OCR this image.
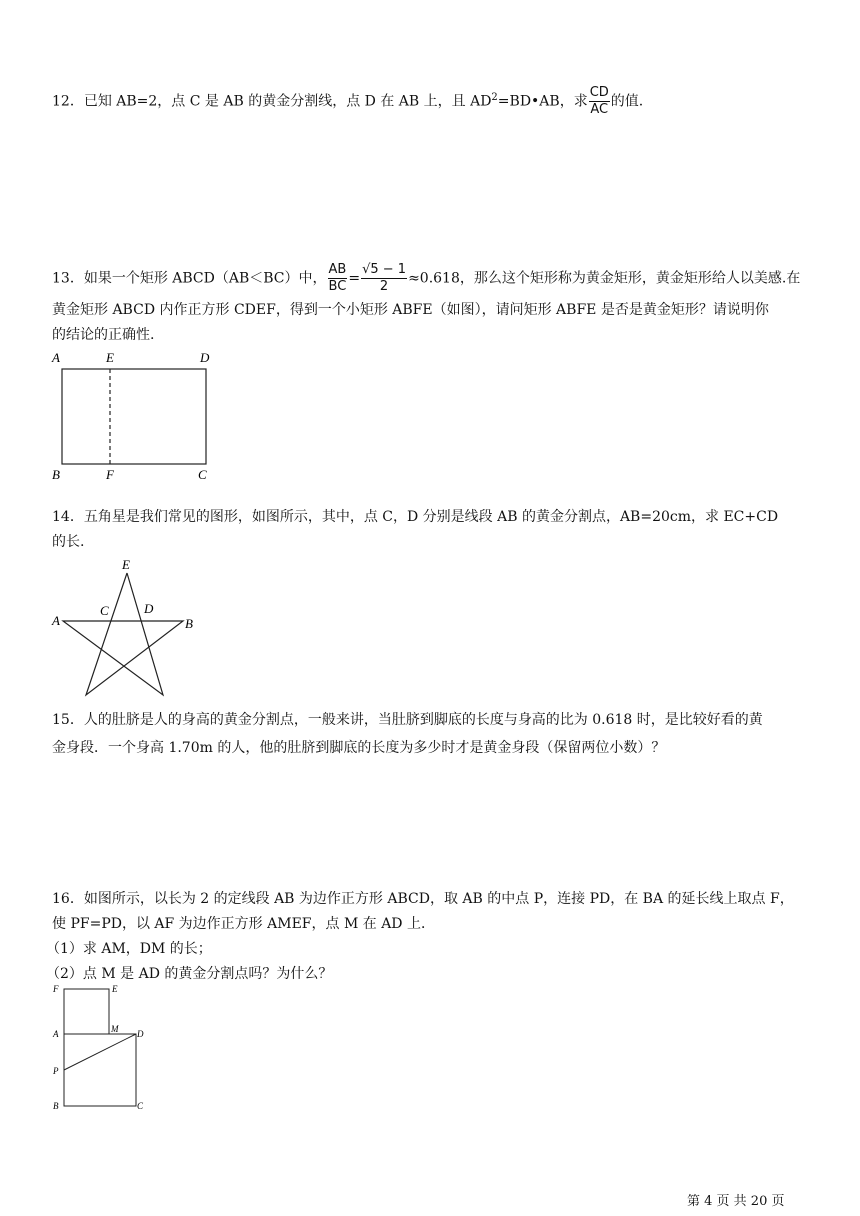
12．已知 AB=2，点 C 是 AB 的黄金分割线，点 D 在 AB 上，且 $AD^2=BD•AB$，求 $\frac{CD}{AC}$ 的值.
13．如果一个矩形 ABCD（AB＜BC）中， $\frac{AB}{BC} = \frac{√5 - 1}{2} \approx 0.618$，那么这个矩形称为黄金矩形，黄金矩形给人以美感.在
黄金矩形 ABCD 内作正方形 CDEF，得到一个小矩形 ABFE（如图），请问矩形 ABFE 是否是黄金矩形？请说明你
的结论的正确性.
A	E	D
B	F	C
14．五角星是我们常见的图形，如图所示，其中，点 C，D 分别是线段 AB 的黄金分割点，AB=20cm，求 EC+CD
的长.
E
C	D
A	B
15．人的肚脐是人的身高的黄金分割点，一般来讲，当肚脐到脚底的长度与身高的比为 0.618 时，是比较好看的黄
金身段．一个身高 1.70m 的人，他的肚脐到脚底的长度为多少时才是黄金身段（保留两位小数）？
16．如图所示，以长为 2 的定线段 AB 为边作正方形 ABCD，取 AB 的中点 P，连接 PD，在 BA 的延长线上取点 F，
使 PF=PD，以 AF 为边作正方形 AMEF，点 M 在 AD 上．
（1）求 AM，DM 的长；
（2）点 M 是 AD 的黄金分割点吗？为什么？
F	E
A	M D
P
B	C
第 4 页 共 20 页
